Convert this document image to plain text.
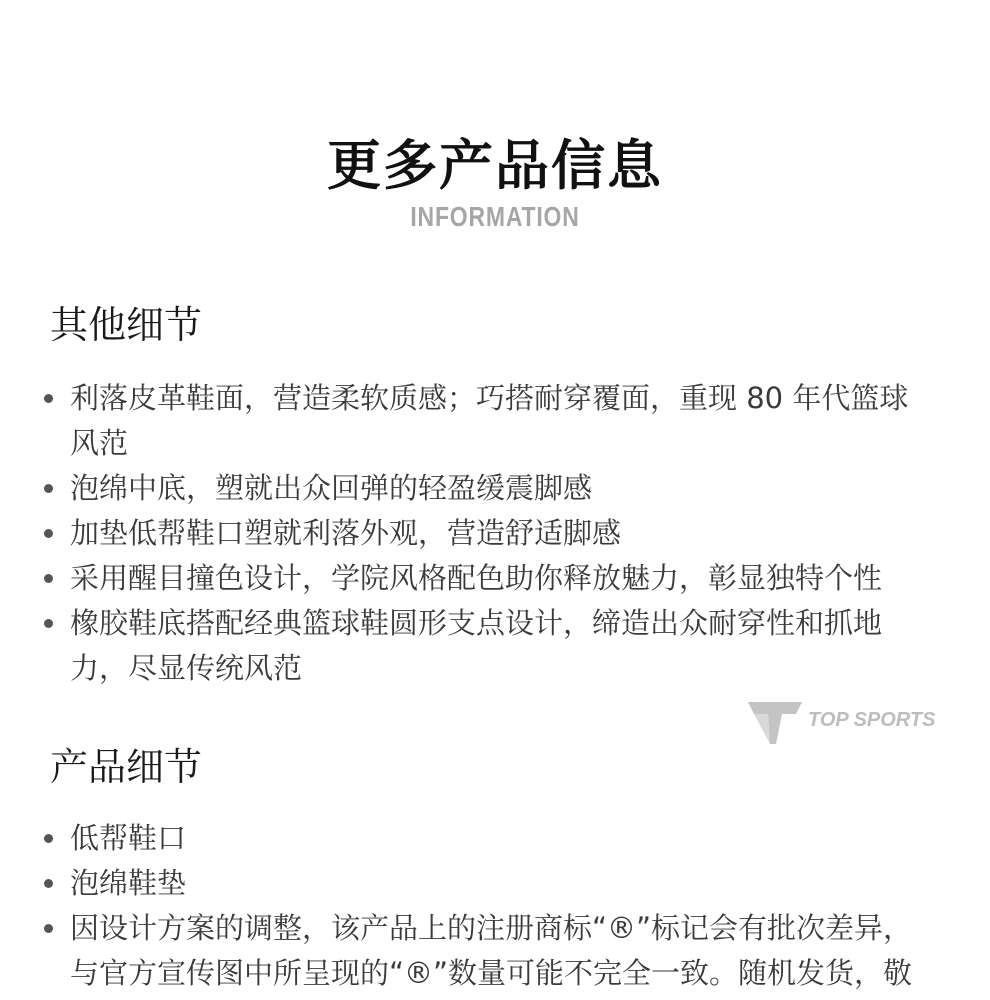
更多产品信息
INFORMATION
其他细节
利落皮革鞋面，营造柔软质感；巧搭耐穿覆面，重现 80 年代篮球风范
泡绵中底，塑就出众回弹的轻盈缓震脚感
加垫低帮鞋口塑就利落外观，营造舒适脚感
采用醒目撞色设计，学院风格配色助你释放魅力，彰显独特个性
橡胶鞋底搭配经典篮球鞋圆形支点设计，缔造出众耐穿性和抓地力，尽显传统风范
TOP SPORTS
产品细节
低帮鞋口
泡绵鞋垫
因设计方案的调整，该产品上的注册商标“®”标记会有批次差异，与官方宣传图中所呈现的“®”数量可能不完全一致。随机发货，敬
